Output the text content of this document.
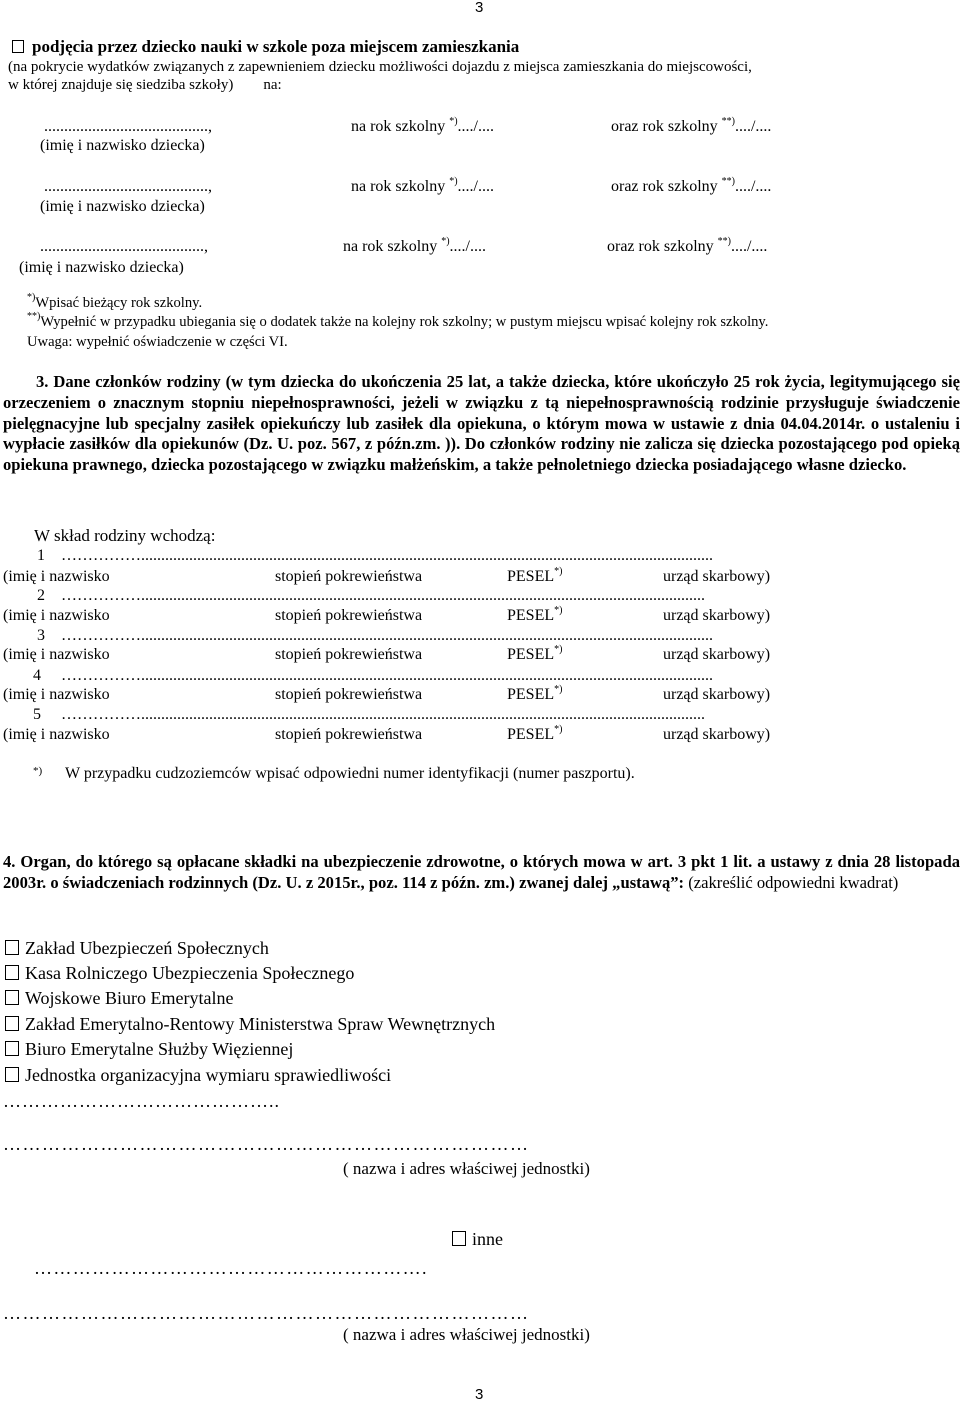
3
podjęcia przez dziecko nauki w szkole poza miejscem zamieszkania
(na pokrycie wydatków związanych z zapewnieniem dziecku możliwości dojazdu z miejsca zamieszkania do miejscowości,
w której znajduje się siedziba szkoły) na:
.........................................,	na rok szkolny *)..../....	oraz rok szkolny **)..../....
(imię i nazwisko dziecka)
.........................................,	na rok szkolny *)..../....	oraz rok szkolny **)..../....
(imię i nazwisko dziecka)
.........................................,	na rok szkolny *)..../....	oraz rok szkolny **)..../....
(imię i nazwisko dziecka)
*)Wpisać bieżący rok szkolny.
**)Wypełnić w przypadku ubiegania się o dodatek także na kolejny rok szkolny; w pustym miejscu wpisać kolejny rok szkolny.
Uwaga: wypełnić oświadczenie w części VI.
3. Dane członków rodziny (w tym dziecka do ukończenia 25 lat, a także dziecka, które ukończyło 25 rok życia, legitymującego się orzeczeniem o znacznym stopniu niepełnosprawności, jeżeli w związku z tą niepełnosprawnością rodzinie przysługuje świadczenie pielęgnacyjne lub specjalny zasiłek opiekuńczy lub zasiłek dla opiekuna, o którym mowa w ustawie z dnia 04.04.2014r. o ustaleniu i wypłacie zasiłków dla opiekunów (Dz. U. poz. 567, z późn.zm. )). Do członków rodziny nie zalicza się dziecka pozostającego pod opieką opiekuna prawnego, dziecka pozostającego w związku małżeńskim, a także pełnoletniego dziecka posiadającego własne dziecko.
W skład rodziny wchodzą:
1 ……………...............................................................................................................................................
(imię i nazwisko	stopień pokrewieństwa	PESEL*)	urząd skarbowy)
2 …………….............................................................................................................................................
(imię i nazwisko	stopień pokrewieństwa	PESEL*)	urząd skarbowy)
3 ……………...............................................................................................................................................
(imię i nazwisko	stopień pokrewieństwa	PESEL*)	urząd skarbowy)
4 ……………...............................................................................................................................................
(imię i nazwisko	stopień pokrewieństwa	PESEL*)	urząd skarbowy)
5 …………….............................................................................................................................................
(imię i nazwisko	stopień pokrewieństwa	PESEL*)	urząd skarbowy)
*) W przypadku cudzoziemców wpisać odpowiedni numer identyfikacji (numer paszportu).
4. Organ, do którego są opłacane składki na ubezpieczenie zdrowotne, o których mowa w art. 3 pkt 1 lit. a ustawy z dnia 28 listopada 2003r. o świadczeniach rodzinnych (Dz. U. z 2015r., poz. 114 z późn. zm.) zwanej dalej „ustawą”: (zakreślić odpowiedni kwadrat)
Zakład Ubezpieczeń Społecznych
Kasa Rolniczego Ubezpieczenia Społecznego
Wojskowe Biuro Emerytalne
Zakład Emerytalno-Rentowy Ministerstwa Spraw Wewnętrznych
Biuro Emerytalne Służby Więziennej
Jednostka organizacyjna wymiaru sprawiedliwości
……………………………………..
………………………………………………………………………
( nazwa i adres właściwej jednostki)
inne
…………………………………………………….
………………………………………………………………………
( nazwa i adres właściwej jednostki)
3
